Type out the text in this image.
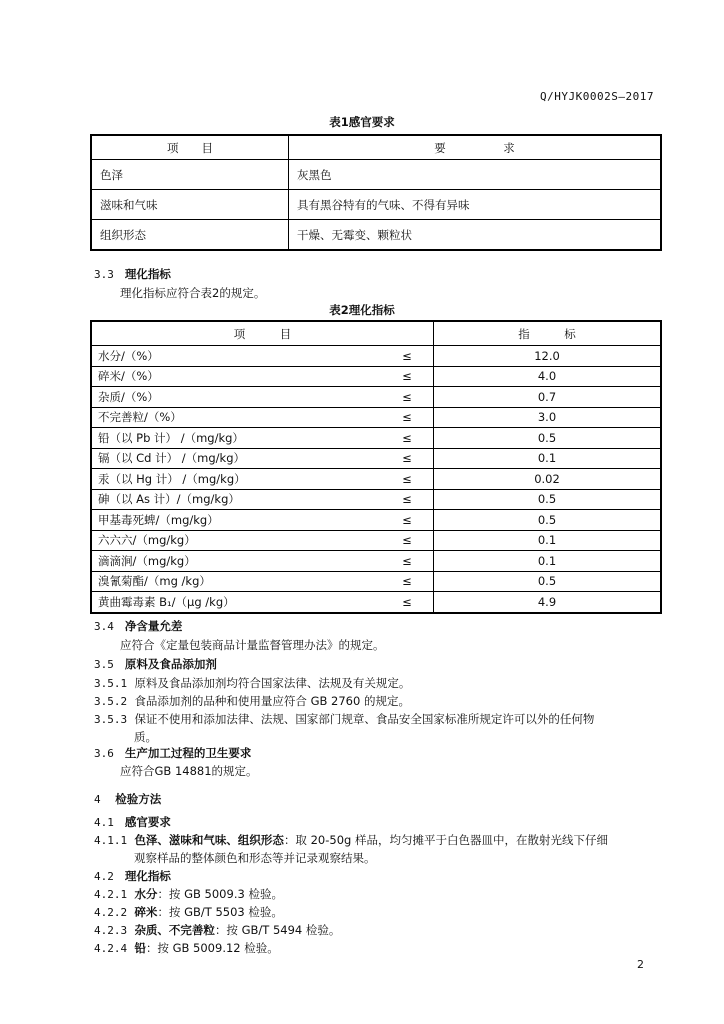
Q/HYJK0002S—2017
表1感官要求
项　　目	要　　　　　求
色泽	灰黑色
滋味和气味	具有黑谷特有的气味、不得有异味
组织形态	干燥、无霉变、颗粒状
3.3 理化指标
理化指标应符合表2的规定。
表2理化指标
项　　　目		指　　　标
水分/（%）	≤	12.0
碎米/（%）	≤	4.0
杂质/（%）	≤	0.7
不完善粒/（%）	≤	3.0
铅（以 Pb 计） /（mg/kg）	≤	0.5
镉（以 Cd 计） /（mg/kg）	≤	0.1
汞（以 Hg 计） /（mg/kg）	≤	0.02
砷（以 As 计）/（mg/kg）	≤	0.5
甲基毒死蜱/（mg/kg）	≤	0.5
六六六/（mg/kg）	≤	0.1
滴滴涧/（mg/kg）	≤	0.1
溴氰菊酯/（mg /kg）	≤	0.5
黄曲霉毒素 B₁/（μg /kg）	≤	4.9
3.4 净含量允差
应符合《定量包装商品计量监督管理办法》的规定。
3.5 原料及食品添加剂
3.5.1 原料及食品添加剂均符合国家法律、法规及有关规定。
3.5.2 食品添加剂的品种和使用量应符合 GB 2760 的规定。
3.5.3 保证不使用和添加法律、法规、国家部门规章、食品安全国家标准所规定许可以外的任何物
质。
3.6 生产加工过程的卫生要求
应符合GB 14881的规定。
4 检验方法
4.1 感官要求
4.1.1 色泽、滋味和气味、组织形态：取 20-50g 样品，均匀摊平于白色器皿中，在散射光线下仔细
观察样品的整体颜色和形态等并记录观察结果。
4.2 理化指标
4.2.1 水分：按 GB 5009.3 检验。
4.2.2 碎米：按 GB/T 5503 检验。
4.2.3 杂质、不完善粒：按 GB/T 5494 检验。
4.2.4 铅：按 GB 5009.12 检验。
2
